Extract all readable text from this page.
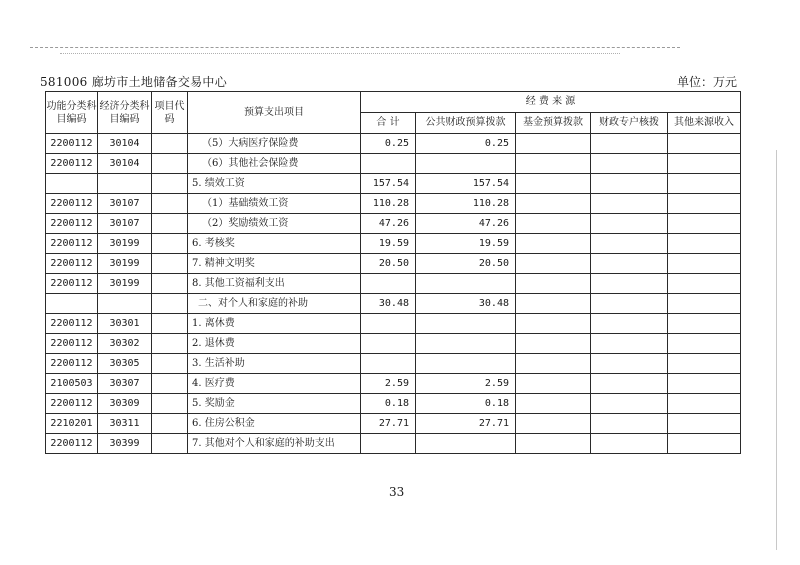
581006 廊坊市土地储备交易中心	单位：万元
功能分类科目编码	经济分类科目编码	项目代码	预算支出项目	经 费 来 源				
				合 计	公共财政预算拨款	基金预算拨款	财政专户核拨	其他来源收入
2200112	30104		（5）大病医疗保险费	0.25	0.25			
2200112	30104		（6）其他社会保险费					
			5. 绩效工资	157.54	157.54			
2200112	30107		（1）基础绩效工资	110.28	110.28			
2200112	30107		（2）奖励绩效工资	47.26	47.26			
2200112	30199		6. 考核奖	19.59	19.59			
2200112	30199		7. 精神文明奖	20.50	20.50			
2200112	30199		8. 其他工资福利支出					
			二、对个人和家庭的补助	30.48	30.48			
2200112	30301		1. 离休费					
2200112	30302		2. 退休费					
2200112	30305		3. 生活补助					
2100503	30307		4. 医疗费	2.59	2.59			
2200112	30309		5. 奖励金	0.18	0.18			
2210201	30311		6. 住房公积金	27.71	27.71			
2200112	30399		7. 其他对个人和家庭的补助支出					
33
